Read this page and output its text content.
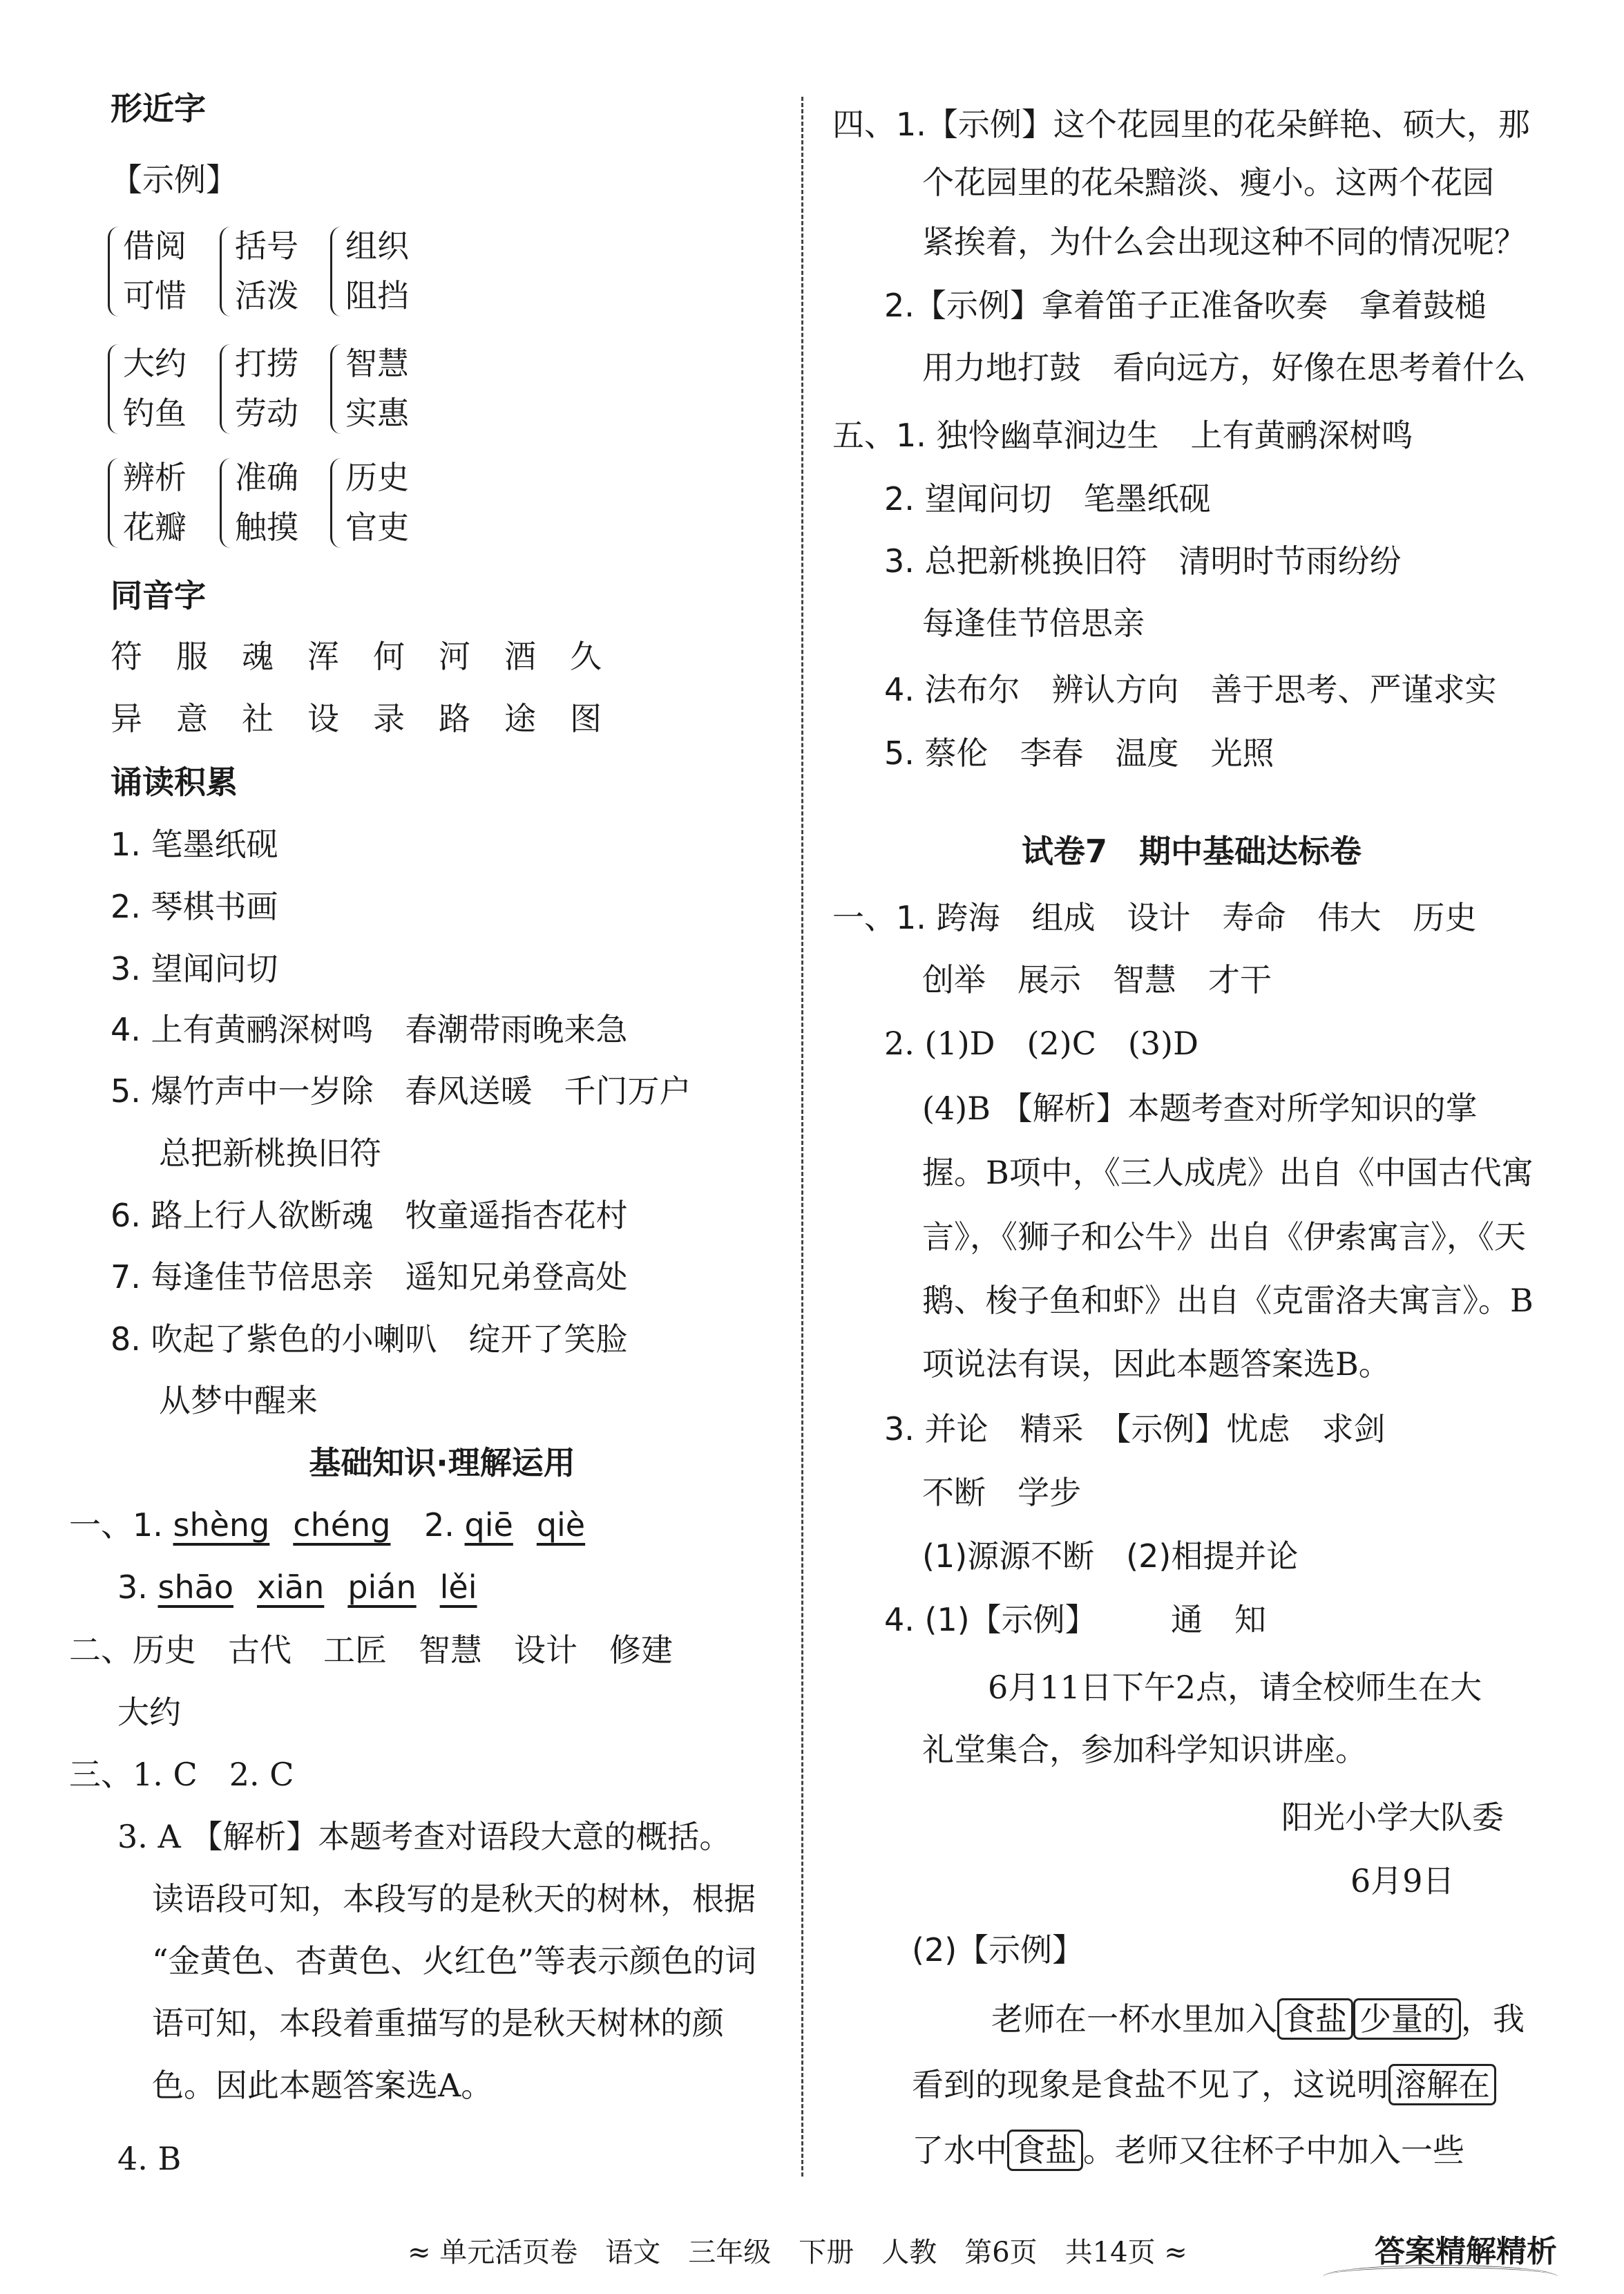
形近字
【示例】
借阅
可惜
括号
活泼
组织
阻挡
大约
钓鱼
打捞
劳动
智慧
实惠
辨析
花瓣
准确
触摸
历史
官吏
同音字
符 服 魂 浑 何 河 酒 久
异 意 社 设 录 路 途 图
诵读积累
1. 笔墨纸砚
2. 琴棋书画
3. 望闻问切
4. 上有黄鹂深树鸣　春潮带雨晚来急
5. 爆竹声中一岁除　春风送暖　千门万户
总把新桃换旧符
6. 路上行人欲断魂　牧童遥指杏花村
7. 每逢佳节倍思亲　遥知兄弟登高处
8. 吹起了紫色的小喇叭　绽开了笑脸
从梦中醒来
基础知识·理解运用
一、1. shèng chéng 2. qiē qiè
3. shāo xiān pián lěi
二、历史　古代　工匠　智慧　设计　修建
大约
三、1. C　2. C
3. A 【解析】本题考查对语段大意的概括。
读语段可知，本段写的是秋天的树林，根据
“金黄色、杏黄色、火红色”等表示颜色的词
语可知，本段着重描写的是秋天树林的颜
色。因此本题答案选A。
4. B
四、1.【示例】这个花园里的花朵鲜艳、硕大，那
个花园里的花朵黯淡、瘦小。这两个花园
紧挨着，为什么会出现这种不同的情况呢？
2.【示例】拿着笛子正准备吹奏　拿着鼓槌
用力地打鼓　看向远方，好像在思考着什么
五、1. 独怜幽草涧边生　上有黄鹂深树鸣
2. 望闻问切　笔墨纸砚
3. 总把新桃换旧符　清明时节雨纷纷
每逢佳节倍思亲
4. 法布尔　辨认方向　善于思考、严谨求实
5. 蔡伦　李春　温度　光照
试卷7　期中基础达标卷
一、1. 跨海　组成　设计　寿命　伟大　历史
创举　展示　智慧　才干
2. (1)D　(2)C　(3)D
(4)B 【解析】本题考查对所学知识的掌
握。B项中，《三人成虎》出自《中国古代寓
言》，《狮子和公牛》出自《伊索寓言》，《天
鹅、梭子鱼和虾》出自《克雷洛夫寓言》。B
项说法有误，因此本题答案选B。
3. 并论　精采　【示例】忧虑　求剑
不断　学步
(1)源源不断　(2)相提并论
4. (1)【示例】 通　知
6月11日下午2点，请全校师生在大
礼堂集合，参加科学知识讲座。
阳光小学大队委
6月9日
(2)【示例】
老师在一杯水里加入 食盐 少量的 ，我
看到的现象是食盐不见了，这说明 溶解在
了水中 食盐 。老师又往杯子中加入一些
≈ 单元活页卷　语文　三年级　下册　人教　第6页　共14页 ≈	答案精解精析
